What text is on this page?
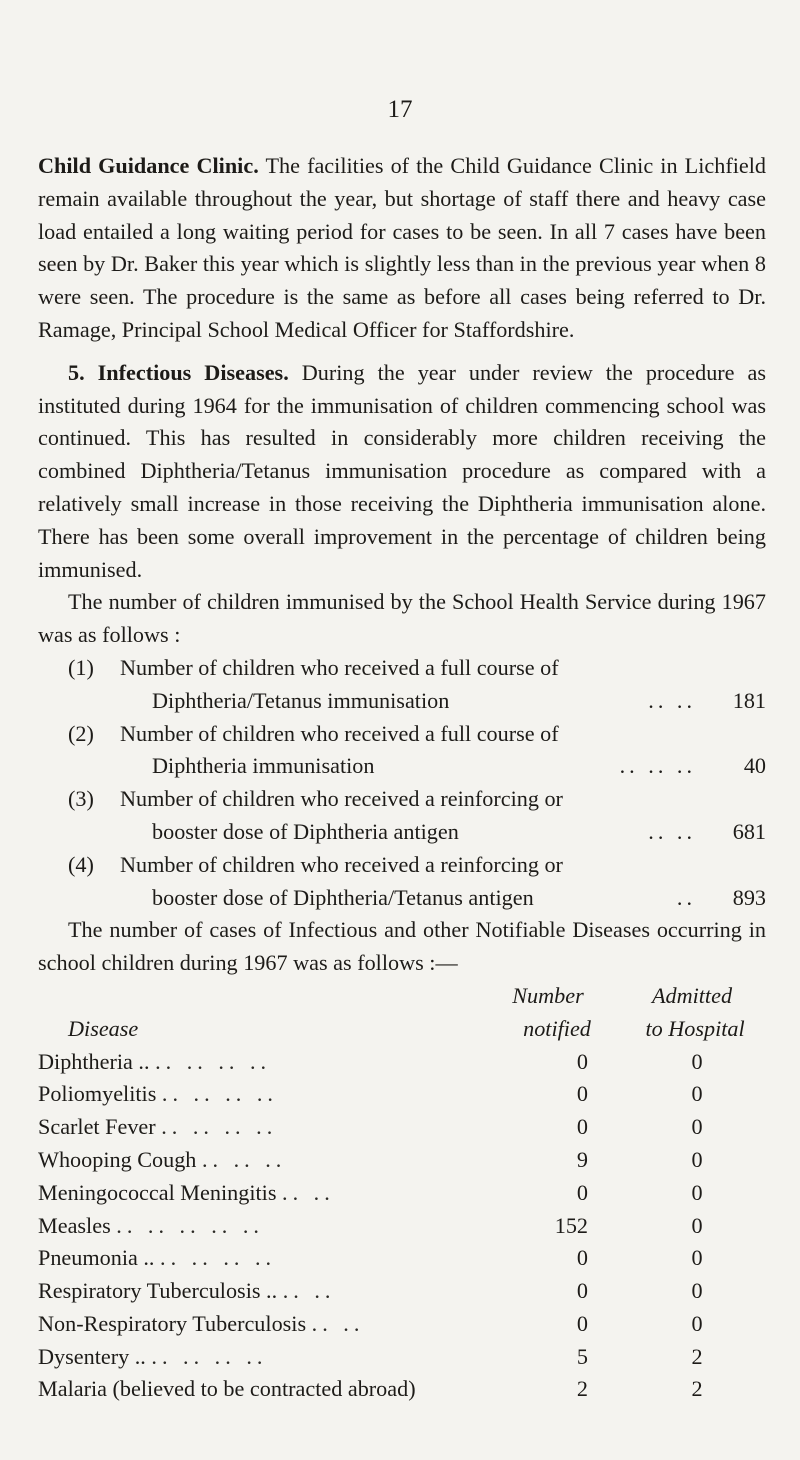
17

Child Guidance Clinic. The facilities of the Child Guidance Clinic in Lichfield remain available throughout the year, but shortage of staff there and heavy case load entailed a long waiting period for cases to be seen. In all 7 cases have been seen by Dr. Baker this year which is slightly less than in the previous year when 8 were seen. The procedure is the same as before all cases being referred to Dr. Ramage, Principal School Medical Officer for Staffordshire.

5. Infectious Diseases. During the year under review the procedure as instituted during 1964 for the immunisation of children commencing school was continued. This has resulted in considerably more children receiving the combined Diphtheria/Tetanus immunisation procedure as compared with a relatively small increase in those receiving the Diphtheria immunisation alone. There has been some overall improvement in the percentage of children being immunised.

The number of children immunised by the School Health Service during 1967 was as follows :

(1) Number of children who received a full course of
Diphtheria/Tetanus immunisation	.. ..	181
(2) Number of children who received a full course of
Diphtheria immunisation	.. .. ..	40
(3) Number of children who received a reinforcing or
booster dose of Diphtheria antigen	.. ..	681
(4) Number of children who received a reinforcing or
booster dose of Diphtheria/Tetanus antigen	..	893

The number of cases of Infectious and other Notifiable Diseases occurring in school children during 1967 was as follows :—

Number	Admitted
Disease	notified	to Hospital
Diphtheria .. .. .. .. ..	0	0
Poliomyelitis .. .. .. ..	0	0
Scarlet Fever .. .. .. ..	0	0
Whooping Cough .. .. ..	9	0
Meningococcal Meningitis .. ..	0	0
Measles .. .. .. .. ..	152	0
Pneumonia .. .. .. .. ..	0	0
Respiratory Tuberculosis .. .. ..	0	0
Non-Respiratory Tuberculosis .. ..	0	0
Dysentery .. .. .. .. ..	5	2
Malaria (believed to be contracted abroad)	2	2
